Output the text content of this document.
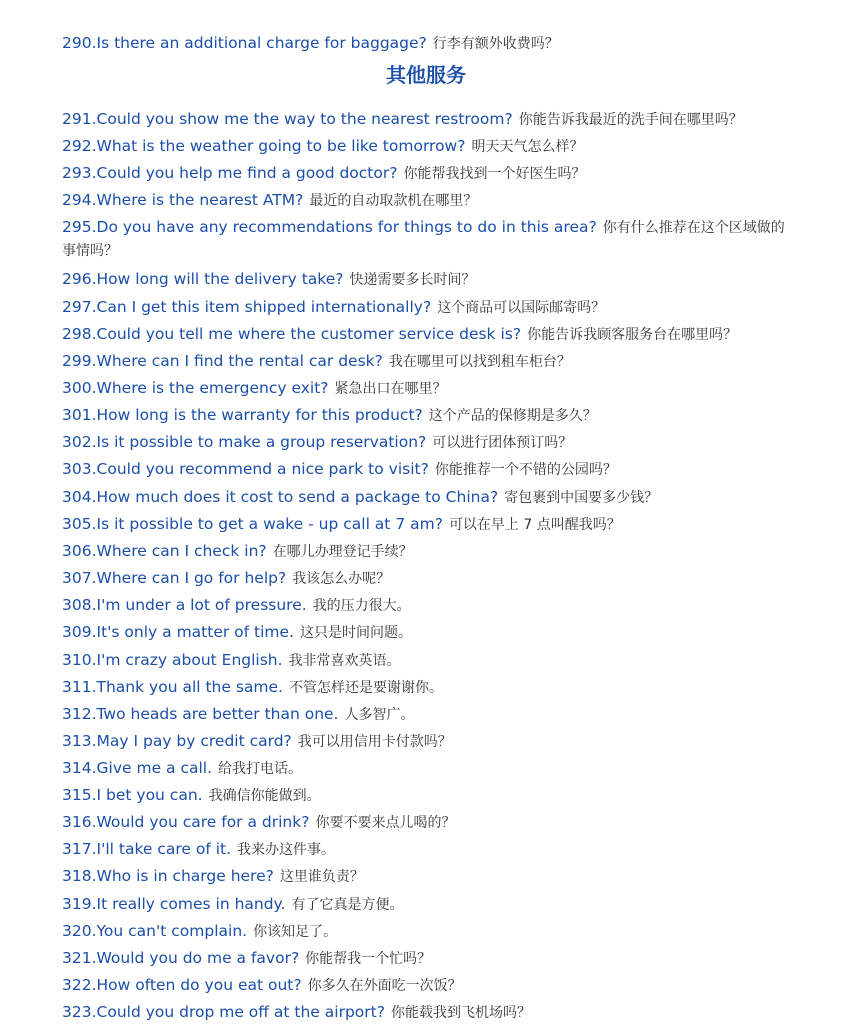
其他服务
290.Is there an additional charge for baggage? 行李有额外收费吗？
291.Could you show me the way to the nearest restroom? 你能告诉我最近的洗手间在哪里吗？
292.What is the weather going to be like tomorrow? 明天天气怎么样？
293.Could you help me find a good doctor? 你能帮我找到一个好医生吗？
294.Where is the nearest ATM? 最近的自动取款机在哪里？
295.Do you have any recommendations for things to do in this area? 你有什么推荐在这个区域做的事情吗？
296.How long will the delivery take? 快递需要多长时间？
297.Can I get this item shipped internationally? 这个商品可以国际邮寄吗？
298.Could you tell me where the customer service desk is? 你能告诉我顾客服务台在哪里吗？
299.Where can I find the rental car desk? 我在哪里可以找到租车柜台？
300.Where is the emergency exit? 紧急出口在哪里？
301.How long is the warranty for this product? 这个产品的保修期是多久？
302.Is it possible to make a group reservation? 可以进行团体预订吗？
303.Could you recommend a nice park to visit? 你能推荐一个不错的公园吗？
304.How much does it cost to send a package to China? 寄包裹到中国要多少钱？
305.Is it possible to get a wake - up call at 7 am? 可以在早上 7 点叫醒我吗？
306.Where can I check in? 在哪儿办理登记手续？
307.Where can I go for help? 我该怎么办呢？
308.I'm under a lot of pressure. 我的压力很大。
309.It's only a matter of time. 这只是时间问题。
310.I'm crazy about English. 我非常喜欢英语。
311.Thank you all the same. 不管怎样还是要谢谢你。
312.Two heads are better than one. 人多智广。
313.May I pay by credit card? 我可以用信用卡付款吗？
314.Give me a call. 给我打电话。
315.I bet you can. 我确信你能做到。
316.Would you care for a drink? 你要不要来点儿喝的？
317.I'll take care of it. 我来办这件事。
318.Who is in charge here? 这里谁负责？
319.It really comes in handy. 有了它真是方便。
320.You can't complain. 你该知足了。
321.Would you do me a favor? 你能帮我一个忙吗？
322.How often do you eat out? 你多久在外面吃一次饭？
323.Could you drop me off at the airport? 你能载我到飞机场吗？
